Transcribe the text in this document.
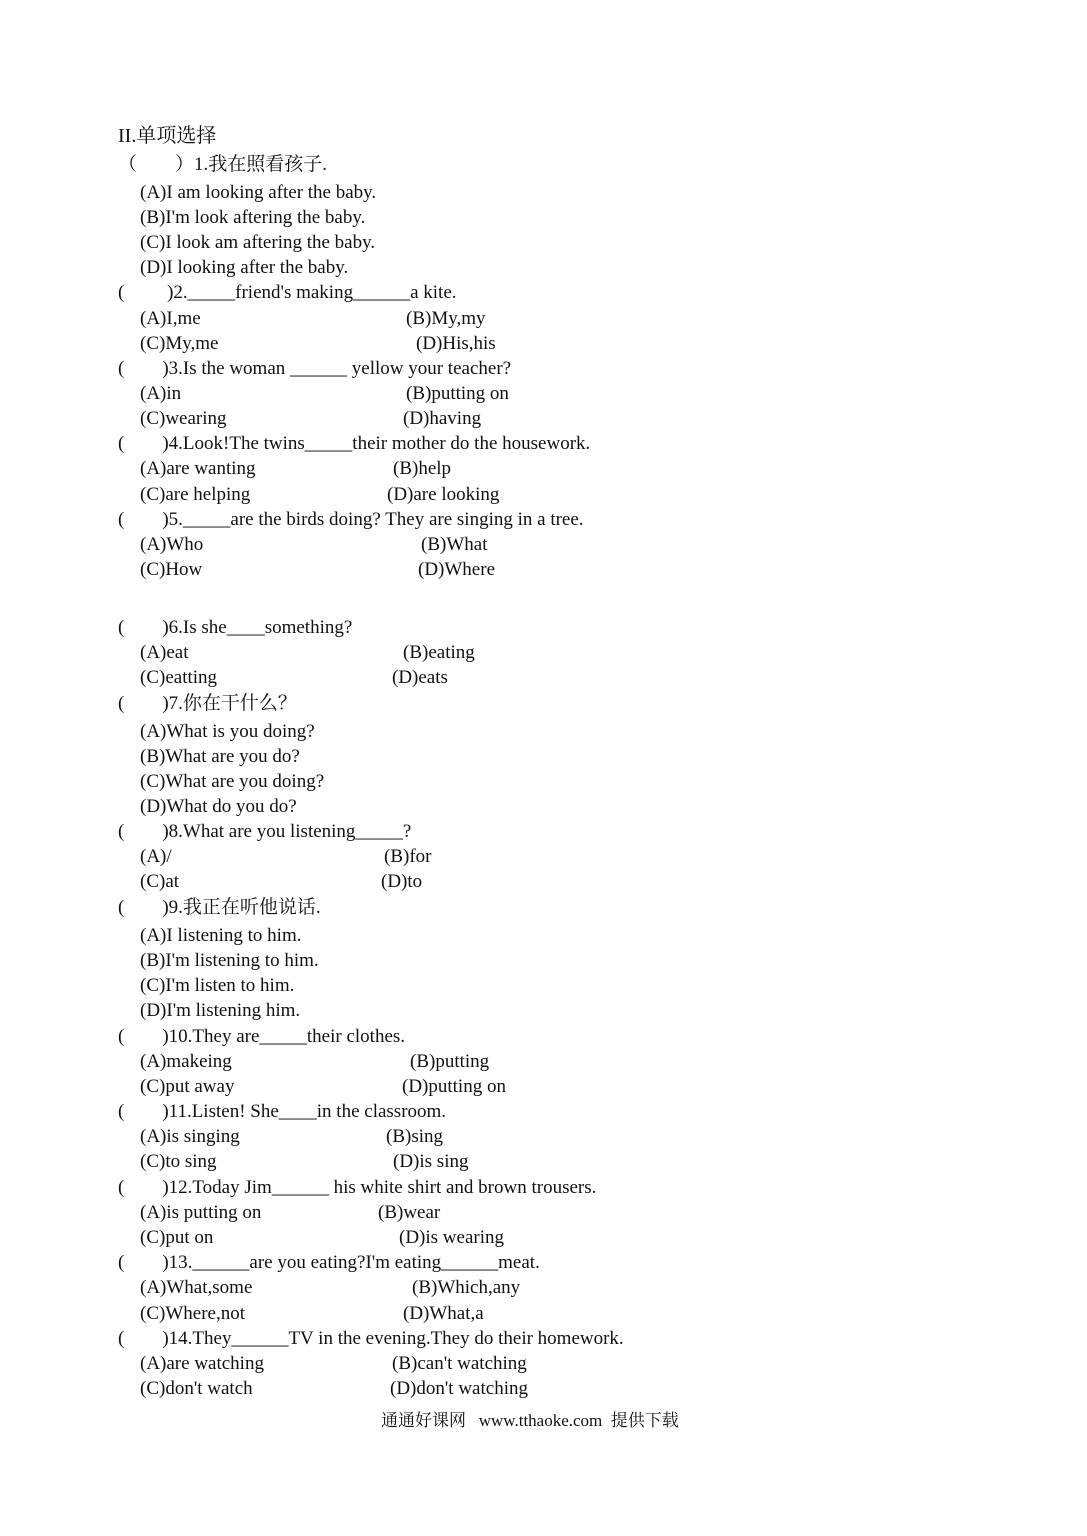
II.单项选择
（　　）1.我在照看孩子.
(A)I am looking after the baby.
(B)I'm look aftering the baby.
(C)I look am aftering the baby.
(D)I looking after the baby.
(　　 )2._____friend's making______a kite.
(A)I,me	(B)My,my
(C)My,me	(D)His,his
(　　)3.Is the woman ______ yellow your teacher?
(A)in	(B)putting on
(C)wearing	(D)having
(　　)4.Look!The twins_____their mother do the housework.
(A)are wanting	(B)help
(C)are helping	(D)are looking
(　　)5._____are the birds doing? They are singing in a tree.
(A)Who	(B)What
(C)How	(D)Where
(　　)6.Is she____something?
(A)eat	(B)eating
(C)eatting	(D)eats
(　　)7.你在干什么？
(A)What is you doing?
(B)What are you do?
(C)What are you doing?
(D)What do you do?
(　　)8.What are you listening_____?
(A)/	(B)for
(C)at	(D)to
(　　)9.我正在听他说话.
(A)I listening to him.
(B)I'm listening to him.
(C)I'm listen to him.
(D)I'm listening him.
(　　)10.They are_____their clothes.
(A)makeing	(B)putting
(C)put away	(D)putting on
(　　)11.Listen! She____in the classroom.
(A)is singing	(B)sing
(C)to sing	(D)is sing
(　　)12.Today Jim______ his white shirt and brown trousers.
(A)is putting on	(B)wear
(C)put on	(D)is wearing
(　　)13.______are you eating?I'm eating______meat.
(A)What,some	(B)Which,any
(C)Where,not	(D)What,a
(　　)14.They______TV in the evening.They do their homework.
(A)are watching	(B)can't watching
(C)don't watch	(D)don't watching
通通好课网   www.tthaoke.com  提供下载
